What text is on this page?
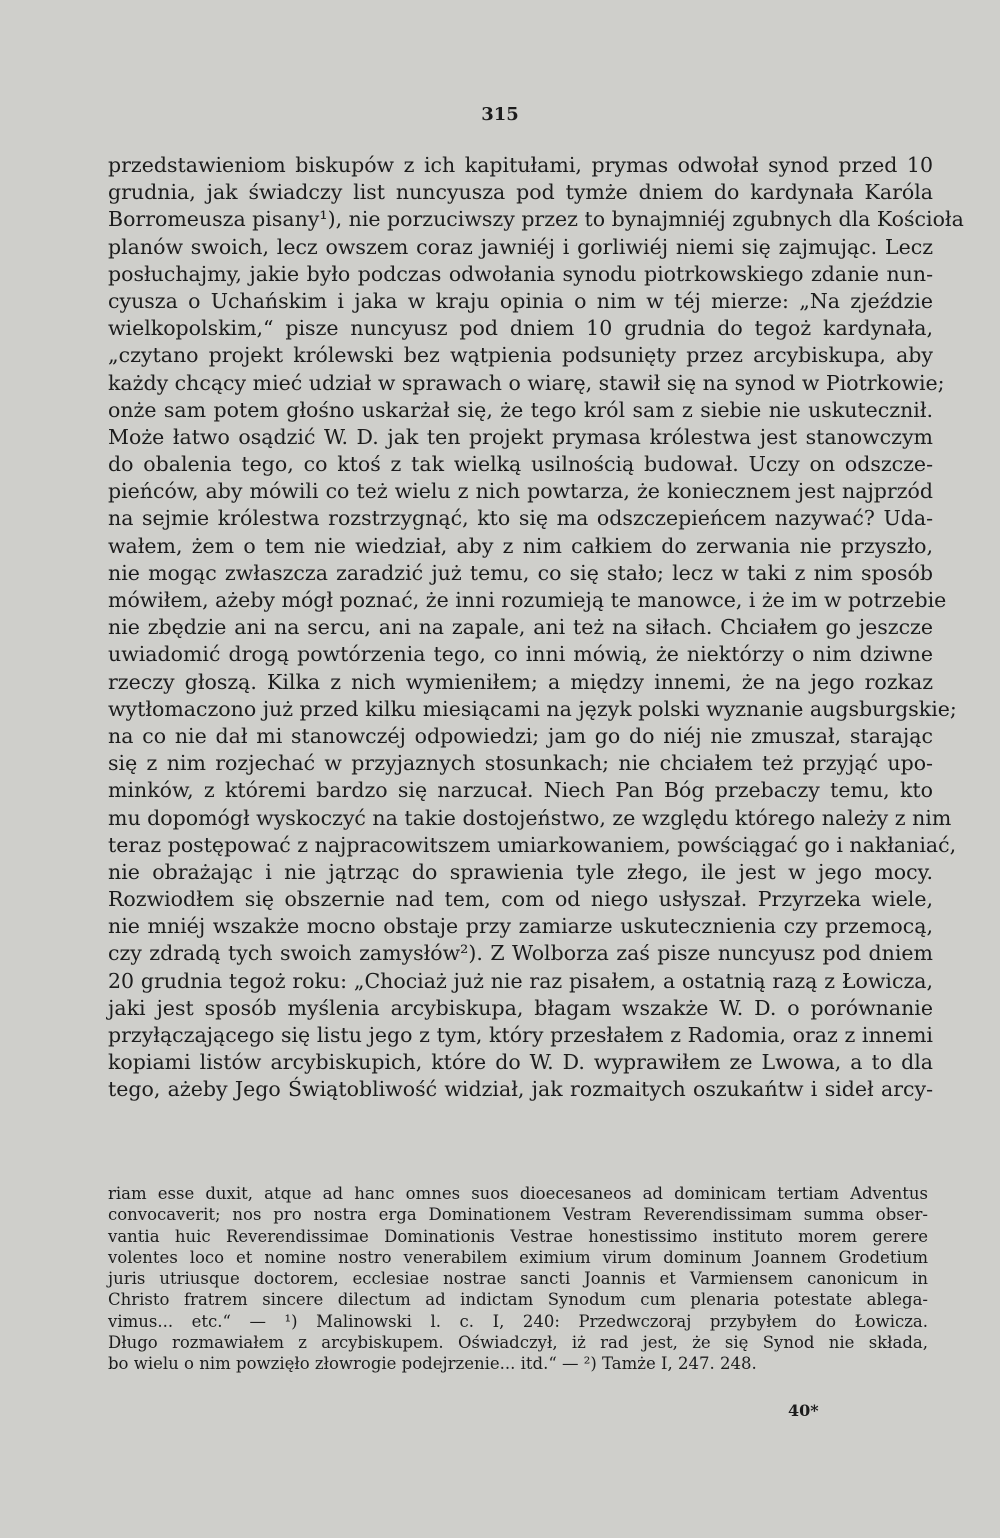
315
przedstawieniom biskupów z ich kapitułami, prymas odwołał synod przed 10
grudnia, jak świadczy list nuncyusza pod tymże dniem do kardynała Karóla
Borromeusza pisany¹), nie porzuciwszy przez to bynajmniéj zgubnych dla Kościoła
planów swoich, lecz owszem coraz jawniéj i gorliwiéj niemi się zajmując. Lecz
posłuchajmy, jakie było podczas odwołania synodu piotrkowskiego zdanie nun-
cyusza o Uchańskim i jaka w kraju opinia o nim w téj mierze: „Na zjeździe
wielkopolskim,“ pisze nuncyusz pod dniem 10 grudnia do tegoż kardynała,
„czytano projekt królewski bez wątpienia podsunięty przez arcybiskupa, aby
każdy chcący mieć udział w sprawach o wiarę, stawił się na synod w Piotrkowie;
onże sam potem głośno uskarżał się, że tego król sam z siebie nie uskutecznił.
Może łatwo osądzić W. D. jak ten projekt prymasa królestwa jest stanowczym
do obalenia tego, co ktoś z tak wielką usilnością budował. Uczy on odszcze-
pieńców, aby mówili co też wielu z nich powtarza, że koniecznem jest najprzód
na sejmie królestwa rozstrzygnąć, kto się ma odszczepieńcem nazywać? Uda-
wałem, żem o tem nie wiedział, aby z nim całkiem do zerwania nie przyszło,
nie mogąc zwłaszcza zaradzić już temu, co się stało; lecz w taki z nim sposób
mówiłem, ażeby mógł poznać, że inni rozumieją te manowce, i że im w potrzebie
nie zbędzie ani na sercu, ani na zapale, ani też na siłach. Chciałem go jeszcze
uwiadomić drogą powtórzenia tego, co inni mówią, że niektórzy o nim dziwne
rzeczy głoszą. Kilka z nich wymieniłem; a między innemi, że na jego rozkaz
wytłomaczono już przed kilku miesiącami na język polski wyznanie augsburgskie;
na co nie dał mi stanowczéj odpowiedzi; jam go do niéj nie zmuszał, starając
się z nim rozjechać w przyjaznych stosunkach; nie chciałem też przyjąć upo-
minków, z któremi bardzo się narzucał. Niech Pan Bóg przebaczy temu, kto
mu dopomógł wyskoczyć na takie dostojeństwo, ze względu którego należy z nim
teraz postępować z najpracowitszem umiarkowaniem, powściągać go i nakłaniać,
nie obrażając i nie jątrząc do sprawienia tyle złego, ile jest w jego mocy.
Rozwiodłem się obszernie nad tem, com od niego usłyszał. Przyrzeka wiele,
nie mniéj wszakże mocno obstaje przy zamiarze uskutecznienia czy przemocą,
czy zdradą tych swoich zamysłów²). Z Wolborza zaś pisze nuncyusz pod dniem
20 grudnia tegoż roku: „Chociaż już nie raz pisałem, a ostatnią razą z Łowicza,
jaki jest sposób myślenia arcybiskupa, błagam wszakże W. D. o porównanie
przyłączającego się listu jego z tym, który przesłałem z Radomia, oraz z innemi
kopiami listów arcybiskupich, które do W. D. wyprawiłem ze Lwowa, a to dla
tego, ażeby Jego Świątobliwość widział, jak rozmaitych oszukańtw i sideł arcy-
riam esse duxit, atque ad hanc omnes suos dioecesaneos ad dominicam tertiam Adventus
convocaverit; nos pro nostra erga Dominationem Vestram Reverendissimam summa obser-
vantia huic Reverendissimae Dominationis Vestrae honestissimo instituto morem gerere
volentes loco et nomine nostro venerabilem eximium virum dominum Joannem Grodetium
juris utriusque doctorem, ecclesiae nostrae sancti Joannis et Varmiensem canonicum in
Christo fratrem sincere dilectum ad indictam Synodum cum plenaria potestate ablega-
vimus... etc.“ — ¹) Malinowski l. c. I, 240: Przedwczoraj przybyłem do Łowicza.
Długo rozmawiałem z arcybiskupem. Oświadczył, iż rad jest, że się Synod nie składa,
bo wielu o nim powzięło złowrogie podejrzenie... itd.“ — ²) Tamże I, 247. 248.
40*
